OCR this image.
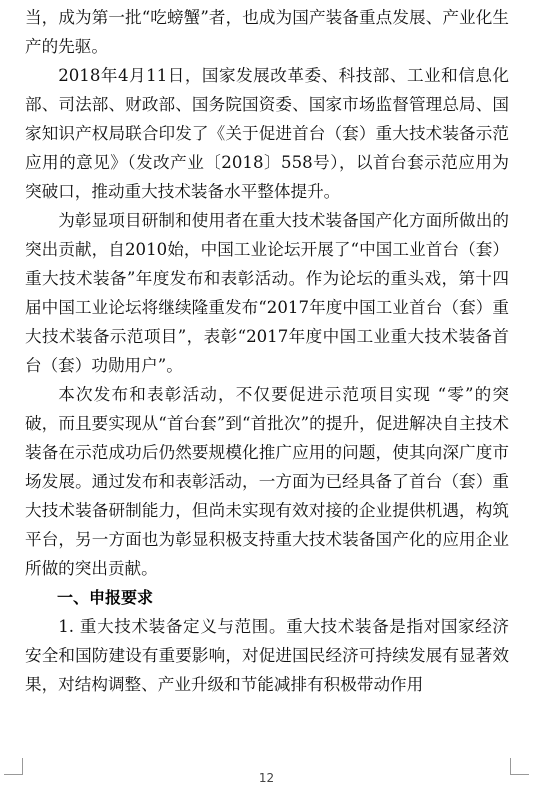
当，成为第一批“吃螃蟹”者，也成为国产装备重点发展、产业化生产的先驱。

2018年4月11日，国家发展改革委、科技部、工业和信息化部、司法部、财政部、国务院国资委、国家市场监督管理总局、国家知识产权局联合印发了《关于促进首台（套）重大技术装备示范应用的意见》（发改产业〔2018〕558号），以首台套示范应用为突破口，推动重大技术装备水平整体提升。

为彰显项目研制和使用者在重大技术装备国产化方面所做出的突出贡献，自2010始，中国工业论坛开展了“中国工业首台（套）重大技术装备”年度发布和表彰活动。作为论坛的重头戏，第十四届中国工业论坛将继续隆重发布“2017年度中国工业首台（套）重大技术装备示范项目”，表彰“2017年度中国工业重大技术装备首台（套）功勋用户”。

本次发布和表彰活动，不仅要促进示范项目实现 “零”的突破，而且要实现从“首台套”到“首批次”的提升，促进解决自主技术装备在示范成功后仍然要规模化推广应用的问题，使其向深广度市场发展。通过发布和表彰活动，一方面为已经具备了首台（套）重大技术装备研制能力，但尚未实现有效对接的企业提供机遇，构筑平台，另一方面也为彰显积极支持重大技术装备国产化的应用企业所做的突出贡献。

一、申报要求

1. 重大技术装备定义与范围。重大技术装备是指对国家经济安全和国防建设有重要影响，对促进国民经济可持续发展有显著效果，对结构调整、产业升级和节能减排有积极带动作用

12
